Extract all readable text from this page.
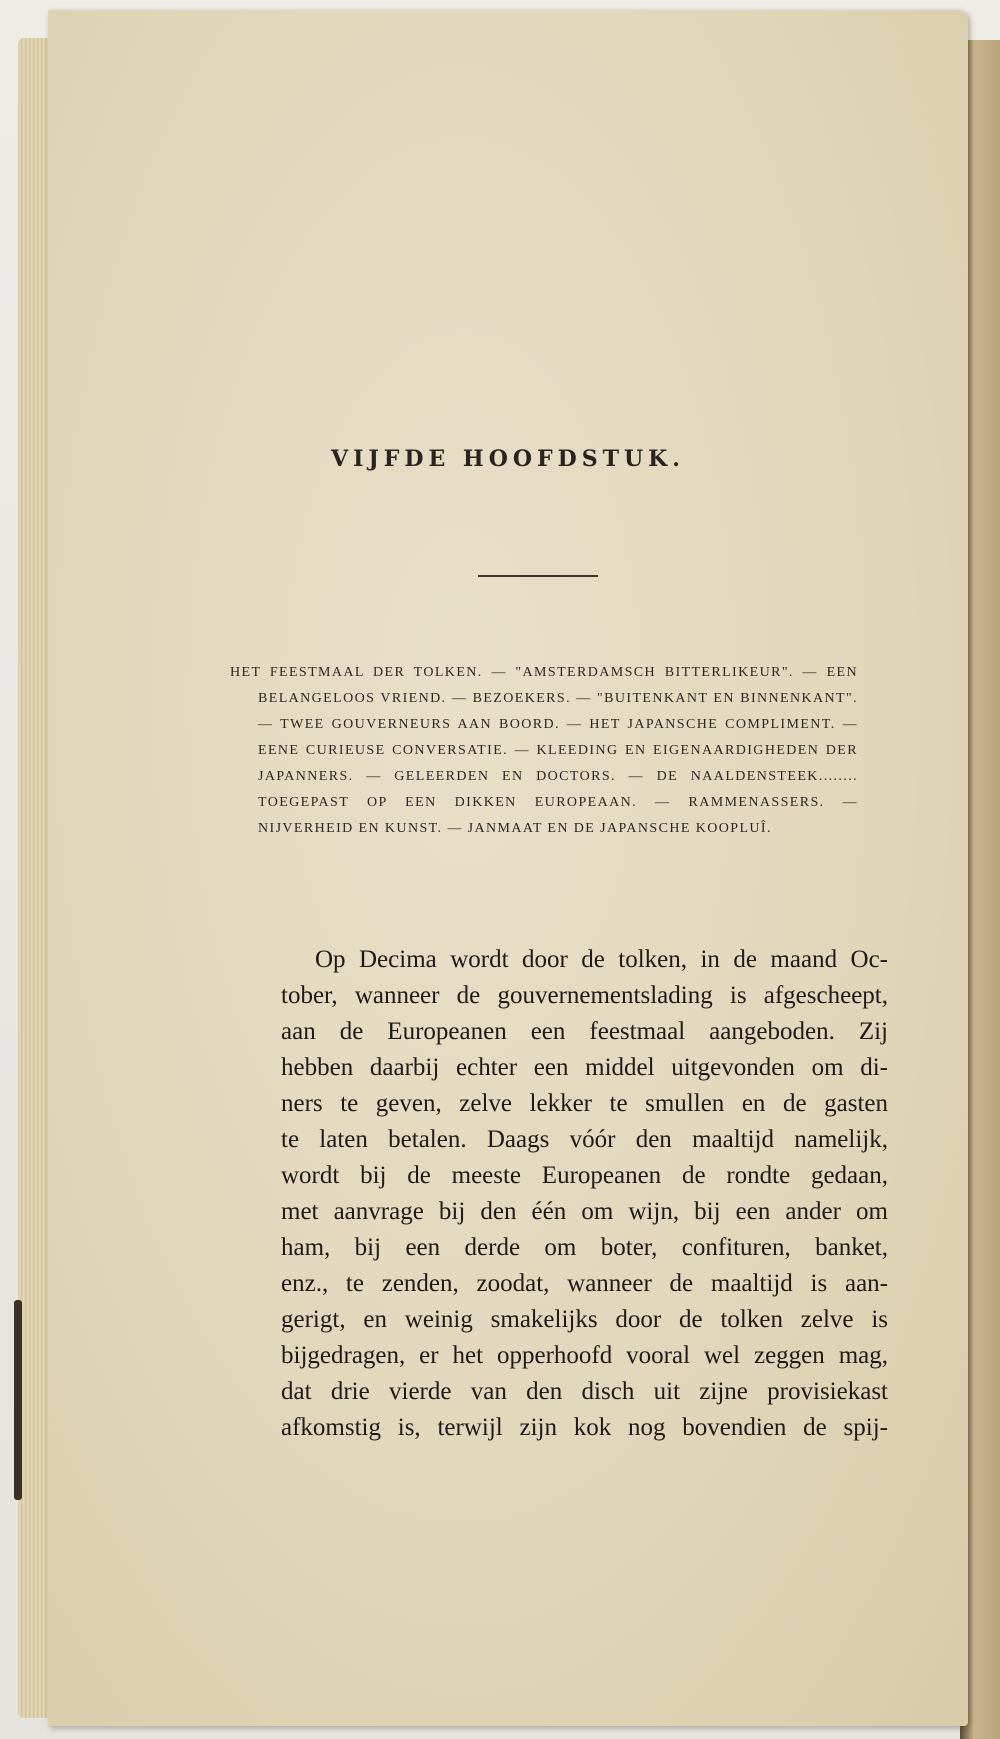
VIJFDE HOOFDSTUK.
HET FEESTMAAL DER TOLKEN. — "AMSTERDAMSCH BITTERLIKEUR". — EEN BELANGELOOS VRIEND. — BEZOEKERS. — "BUITENKANT EN BINNENKANT". — TWEE GOUVERNEURS AAN BOORD. — HET JAPANSCHE COMPLIMENT. — EENE CURIEUSE CONVERSATIE. — KLEEDING EN EIGENAARDIGHEDEN DER JAPANNERS. — GELEERDEN EN DOCTORS. — DE NAALDENSTEEK........ TOEGEPAST OP EEN DIKKEN EUROPEAAN. — RAMMENASSERS. — NIJVERHEID EN KUNST. — JANMAAT EN DE JAPANSCHE KOOPLUÎ.
Op Decima wordt door de tolken, in de maand Oc-
tober, wanneer de gouvernementslading is afgescheept,
aan de Europeanen een feestmaal aangeboden. Zij
hebben daarbij echter een middel uitgevonden om di-
ners te geven, zelve lekker te smullen en de gasten
te laten betalen. Daags vóór den maaltijd namelijk,
wordt bij de meeste Europeanen de rondte gedaan,
met aanvrage bij den één om wijn, bij een ander om
ham, bij een derde om boter, confituren, banket,
enz., te zenden, zoodat, wanneer de maaltijd is aan-
gerigt, en weinig smakelijks door de tolken zelve is
bijgedragen, er het opperhoofd vooral wel zeggen mag,
dat drie vierde van den disch uit zijne provisiekast
afkomstig is, terwijl zijn kok nog bovendien de spij-
